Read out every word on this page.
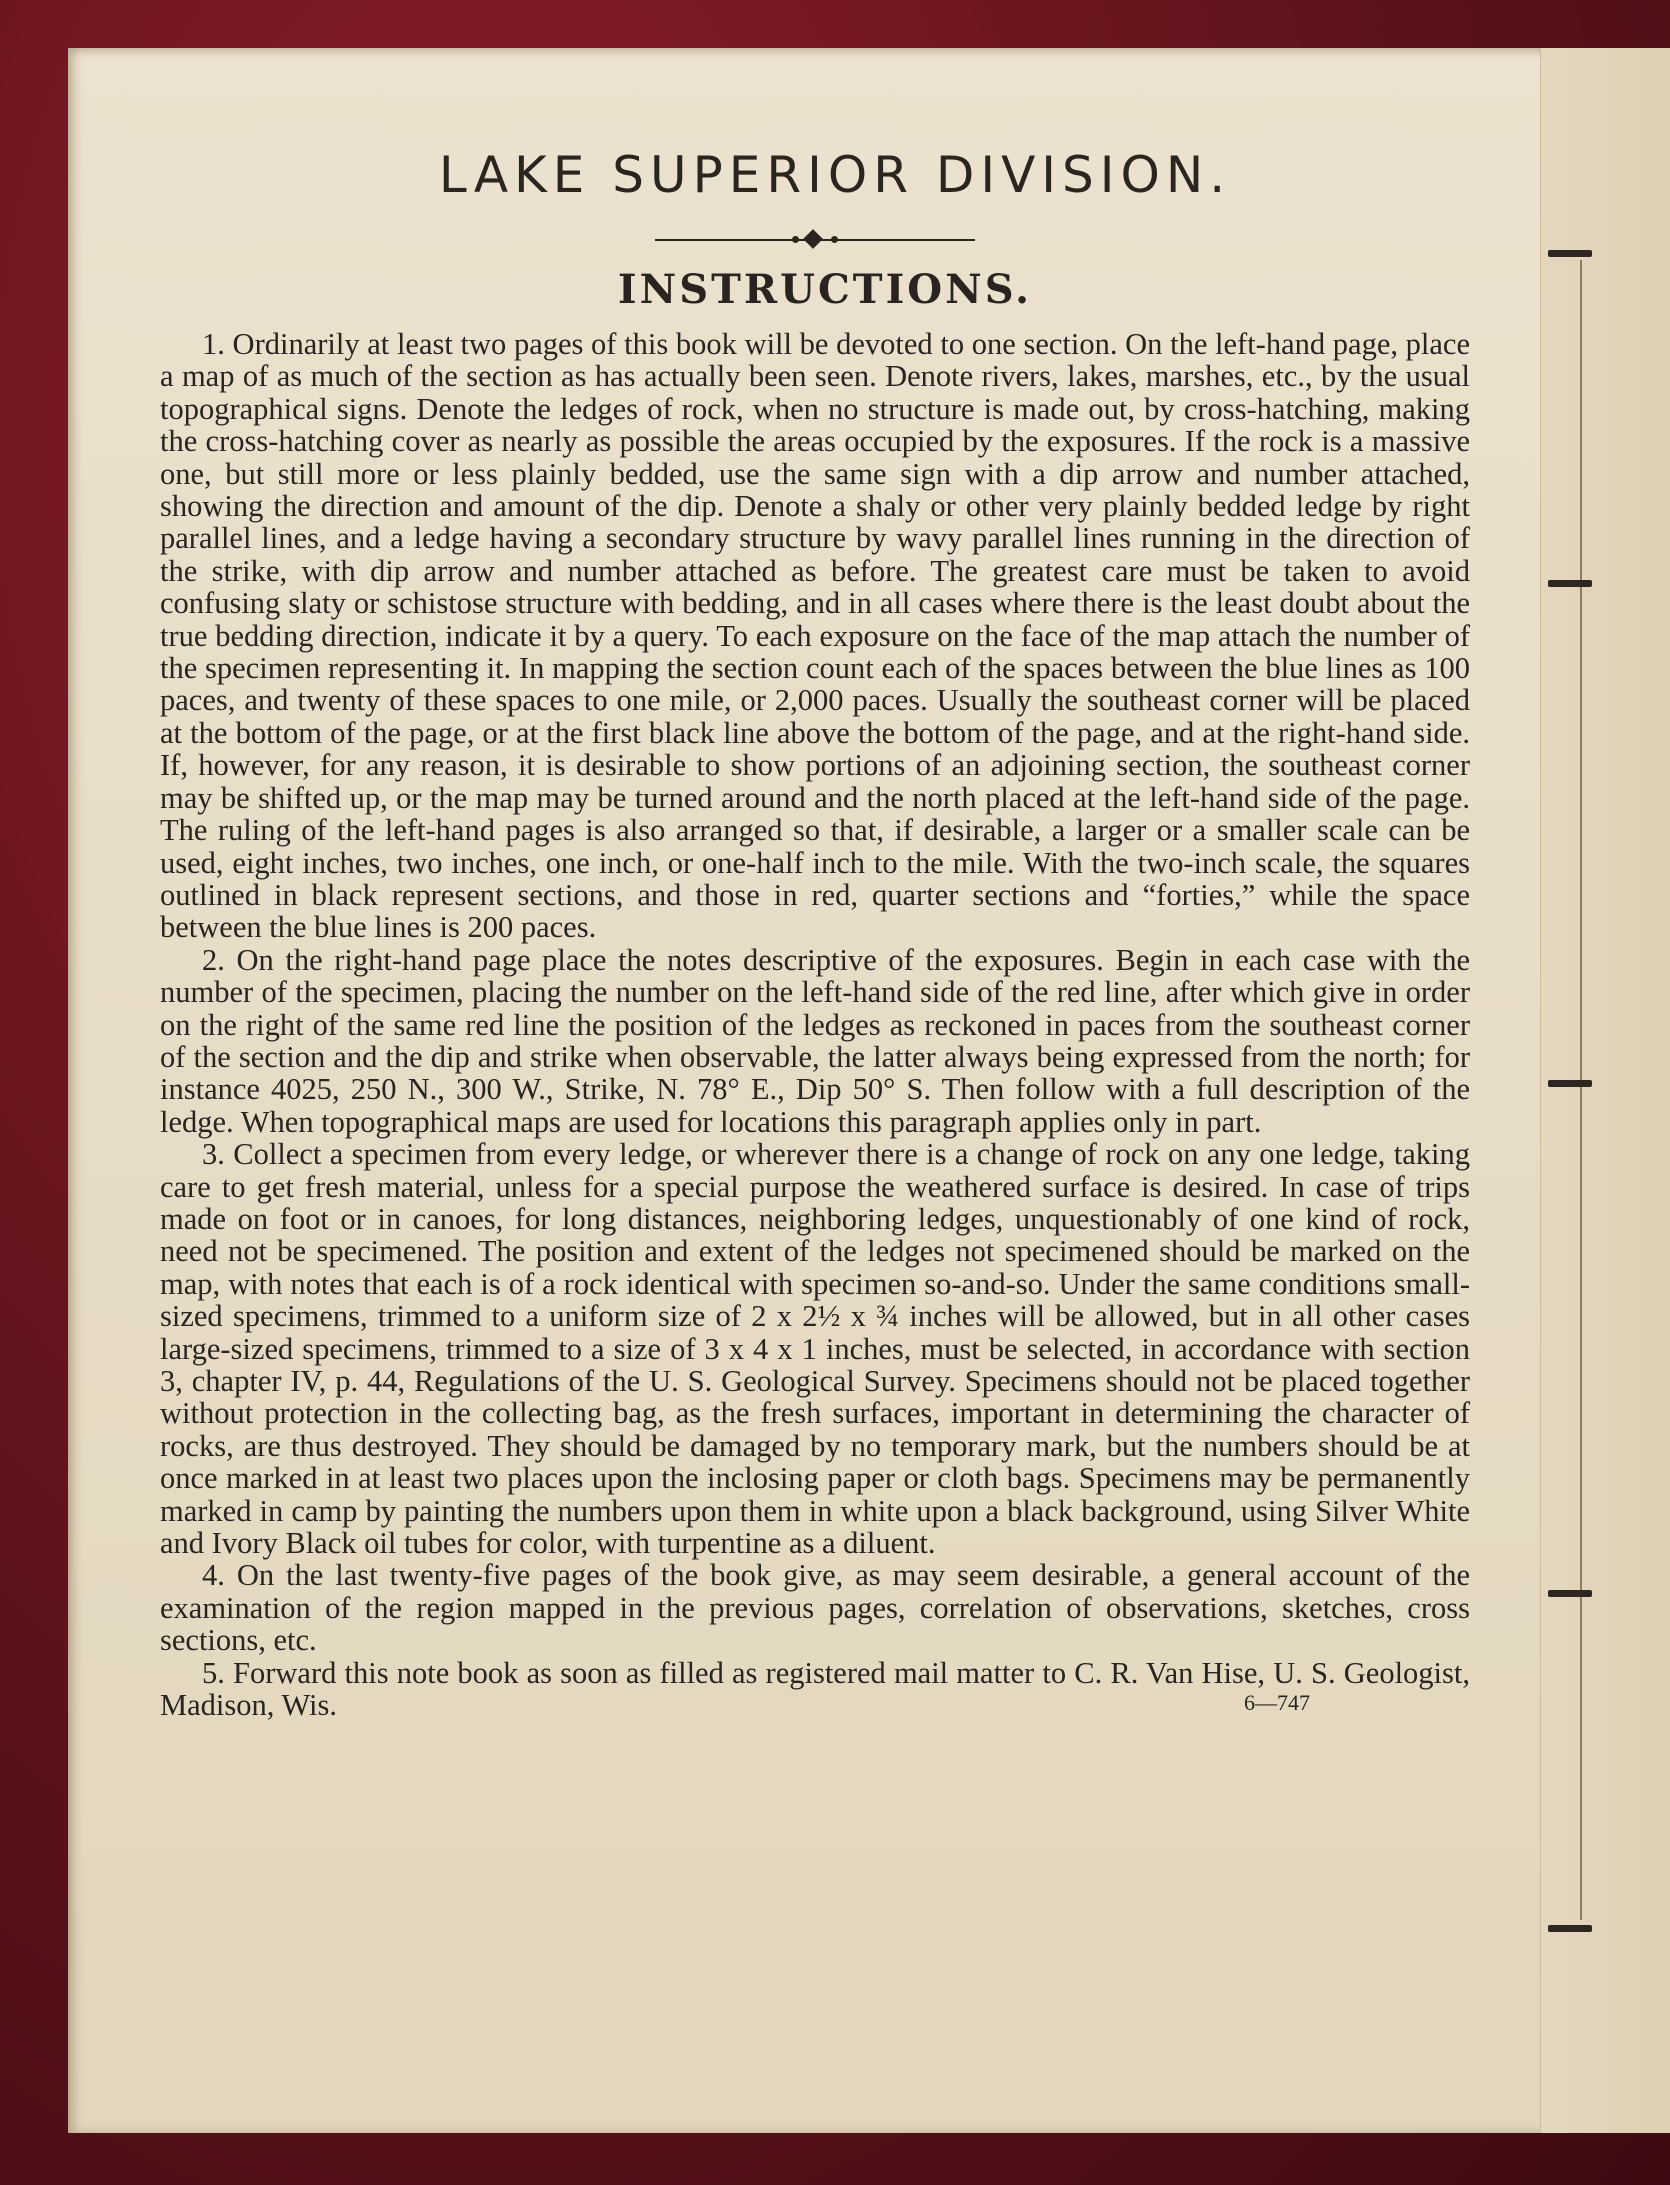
LAKE SUPERIOR DIVISION.
INSTRUCTIONS.

1. Ordinarily at least two pages of this book will be devoted to one section. On the left-hand page, place a map of as much of the section as has actually been seen. Denote rivers, lakes, marshes, etc., by the usual topographical signs. Denote the ledges of rock, when no structure is made out, by cross-hatching, making the cross-hatching cover as nearly as possible the areas occupied by the exposures. If the rock is a massive one, but still more or less plainly bedded, use the same sign with a dip arrow and number attached, showing the direction and amount of the dip. Denote a shaly or other very plainly bedded ledge by right parallel lines, and a ledge having a secondary structure by wavy parallel lines running in the direction of the strike, with dip arrow and number attached as before. The greatest care must be taken to avoid confusing slaty or schistose structure with bedding, and in all cases where there is the least doubt about the true bedding direction, indicate it by a query. To each exposure on the face of the map attach the number of the specimen representing it. In mapping the section count each of the spaces between the blue lines as 100 paces, and twenty of these spaces to one mile, or 2,000 paces. Usually the southeast corner will be placed at the bottom of the page, or at the first black line above the bottom of the page, and at the right-hand side. If, however, for any reason, it is desirable to show portions of an adjoining section, the southeast corner may be shifted up, or the map may be turned around and the north placed at the left-hand side of the page. The ruling of the left-hand pages is also arranged so that, if desirable, a larger or a smaller scale can be used, eight inches, two inches, one inch, or one-half inch to the mile. With the two-inch scale, the squares outlined in black represent sections, and those in red, quarter sections and “forties,” while the space between the blue lines is 200 paces.

2. On the right-hand page place the notes descriptive of the exposures. Begin in each case with the number of the specimen, placing the number on the left-hand side of the red line, after which give in order on the right of the same red line the position of the ledges as reckoned in paces from the southeast corner of the section and the dip and strike when observable, the latter always being expressed from the north; for instance 4025, 250 N., 300 W., Strike, N. 78° E., Dip 50° S. Then follow with a full description of the ledge. When topographical maps are used for locations this paragraph applies only in part.

3. Collect a specimen from every ledge, or wherever there is a change of rock on any one ledge, taking care to get fresh material, unless for a special purpose the weathered surface is desired. In case of trips made on foot or in canoes, for long distances, neighboring ledges, unquestionably of one kind of rock, need not be specimened. The position and extent of the ledges not specimened should be marked on the map, with notes that each is of a rock identical with specimen so-and-so. Under the same conditions small-sized specimens, trimmed to a uniform size of 2 x 2½ x ¾ inches will be allowed, but in all other cases large-sized specimens, trimmed to a size of 3 x 4 x 1 inches, must be selected, in accordance with section 3, chapter IV, p. 44, Regulations of the U. S. Geological Survey. Specimens should not be placed together without protection in the collecting bag, as the fresh surfaces, important in determining the character of rocks, are thus destroyed. They should be damaged by no temporary mark, but the numbers should be at once marked in at least two places upon the inclosing paper or cloth bags. Specimens may be permanently marked in camp by painting the numbers upon them in white upon a black background, using Silver White and Ivory Black oil tubes for color, with turpentine as a diluent.

4. On the last twenty-five pages of the book give, as may seem desirable, a general account of the examination of the region mapped in the previous pages, correlation of observations, sketches, cross sections, etc.

5. Forward this note book as soon as filled as registered mail matter to C. R. Van Hise, U. S. Geologist, Madison, Wis.	6—747
